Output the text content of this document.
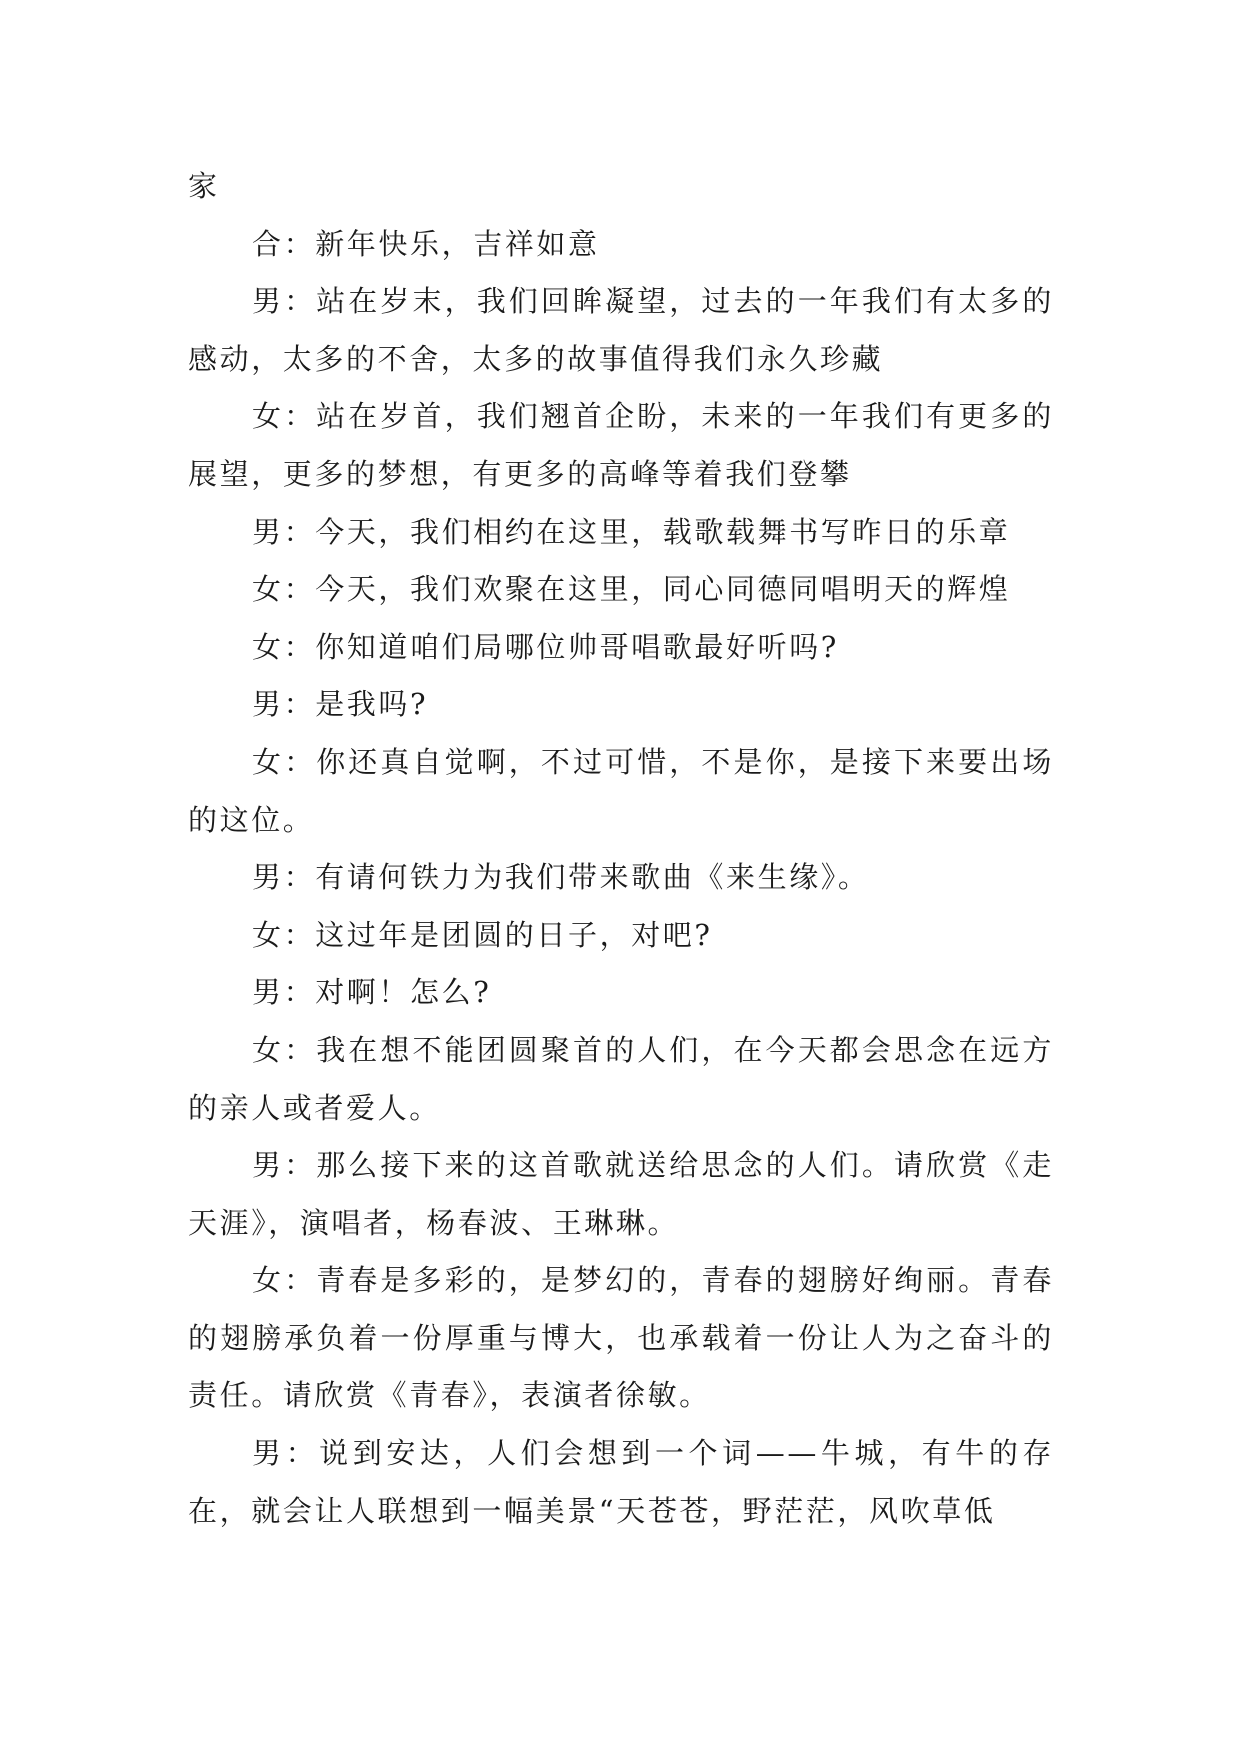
家

合：新年快乐，吉祥如意

男：站在岁末，我们回眸凝望，过去的一年我们有太多的感动，太多的不舍，太多的故事值得我们永久珍藏

女：站在岁首，我们翘首企盼，未来的一年我们有更多的展望，更多的梦想，有更多的高峰等着我们登攀

男：今天，我们相约在这里，载歌载舞书写昨日的乐章

女：今天，我们欢聚在这里，同心同德同唱明天的辉煌

女：你知道咱们局哪位帅哥唱歌最好听吗?

男：是我吗?

女：你还真自觉啊，不过可惜，不是你，是接下来要出场的这位。

男：有请何铁力为我们带来歌曲《来生缘》。

女：这过年是团圆的日子，对吧?

男：对啊！怎么?

女：我在想不能团圆聚首的人们，在今天都会思念在远方的亲人或者爱人。

男：那么接下来的这首歌就送给思念的人们。请欣赏《走天涯》，演唱者，杨春波、王琳琳。

女：青春是多彩的，是梦幻的，青春的翅膀好绚丽。青春的翅膀承负着一份厚重与博大，也承载着一份让人为之奋斗的责任。请欣赏《青春》，表演者徐敏。

男：说到安达，人们会想到一个词——牛城，有牛的存在，就会让人联想到一幅美景“天苍苍，野茫茫，风吹草低
